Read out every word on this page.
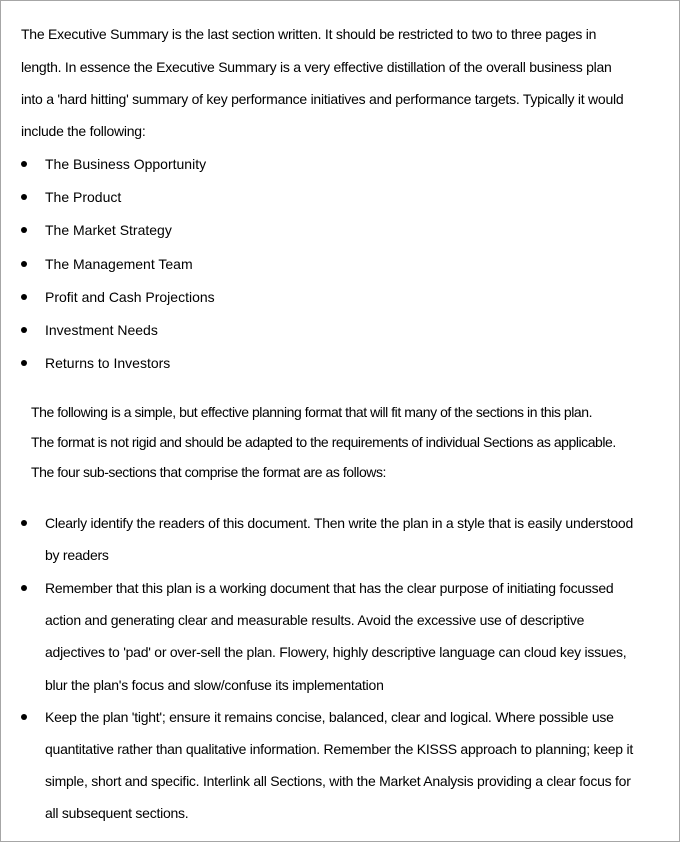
The Executive Summary is the last section written. It should be restricted to two to three pages in
length. In essence the Executive Summary is a very effective distillation of the overall business plan
into a 'hard hitting' summary of key performance initiatives and performance targets. Typically it would
include the following:
The Business Opportunity
The Product
The Market Strategy
The Management Team
Profit and Cash Projections
Investment Needs
Returns to Investors
The following is a simple, but effective planning format that will fit many of the sections in this plan.
The format is not rigid and should be adapted to the requirements of individual Sections as applicable.
The four sub-sections that comprise the format are as follows:
Clearly identify the readers of this document. Then write the plan in a style that is easily understood
by readers
Remember that this plan is a working document that has the clear purpose of initiating focussed
action and generating clear and measurable results. Avoid the excessive use of descriptive
adjectives to 'pad' or over-sell the plan. Flowery, highly descriptive language can cloud key issues,
blur the plan's focus and slow/confuse its implementation
Keep the plan 'tight'; ensure it remains concise, balanced, clear and logical. Where possible use
quantitative rather than qualitative information. Remember the KISSS approach to planning; keep it
simple, short and specific. Interlink all Sections, with the Market Analysis providing a clear focus for
all subsequent sections.
